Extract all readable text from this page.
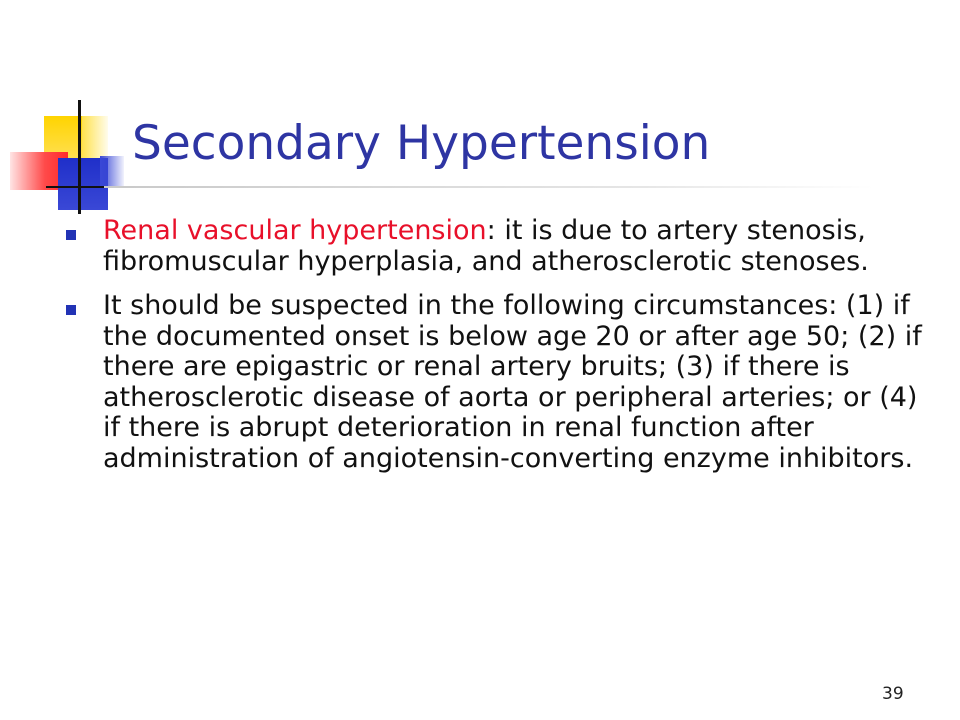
Secondary Hypertension
Renal vascular hypertension: it is due to artery stenosis, fibromuscular hyperplasia, and atherosclerotic stenoses.
It should be suspected in the following circumstances: (1) if the documented onset is below age 20 or after age 50; (2) if there are epigastric or renal artery bruits; (3) if there is atherosclerotic disease of aorta or peripheral arteries; or (4) if there is abrupt deterioration in renal function after administration of angiotensin-converting enzyme inhibitors.
39
